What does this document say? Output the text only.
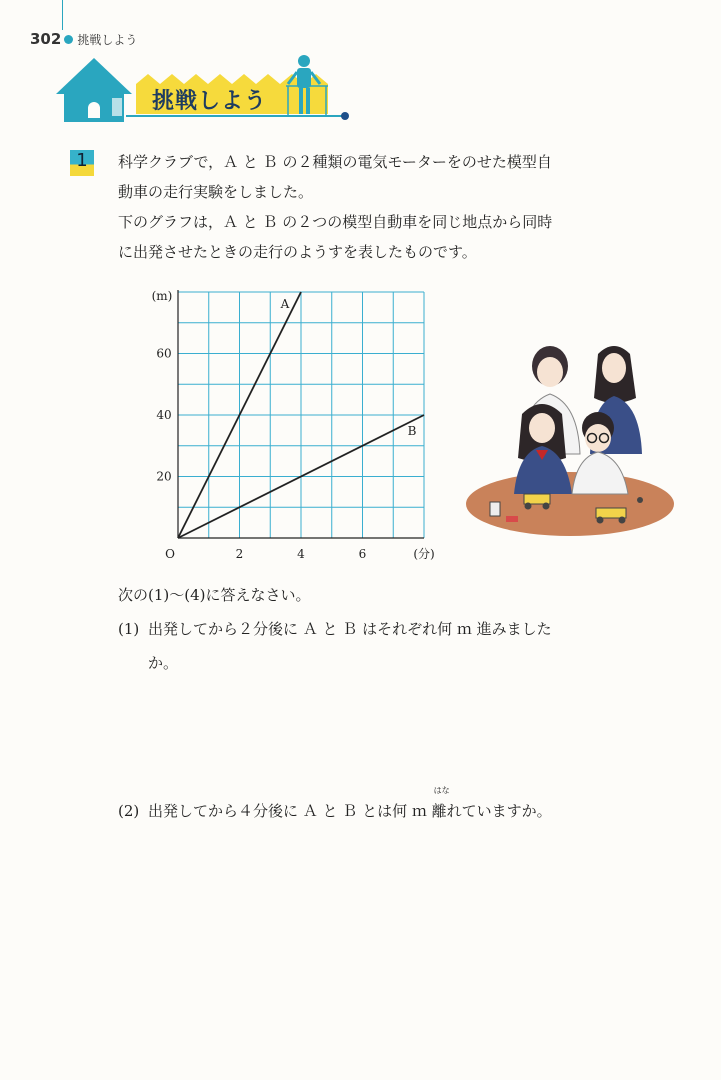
302 挑戦しよう
挑戦しよう
1	科学クラブで，Ａ と Ｂ の２種類の電気モーターをのせた模型自

動車の走行実験をしました。

下のグラフは，Ａ と Ｂ の２つの模型自動車を同じ地点から同時

に出発させたときの走行のようすを表したものです。

2	4	6
20
40
60
O
(m)
(分)
A
B
次の(1)～(4)に答えなさい。
(1) 出発してから２分後に Ａ と Ｂ はそれぞれ何 ｍ 進みました
か。
(2) 出発してから４分後に Ａ と Ｂ とは何 ｍ
はな
離れていますか。
